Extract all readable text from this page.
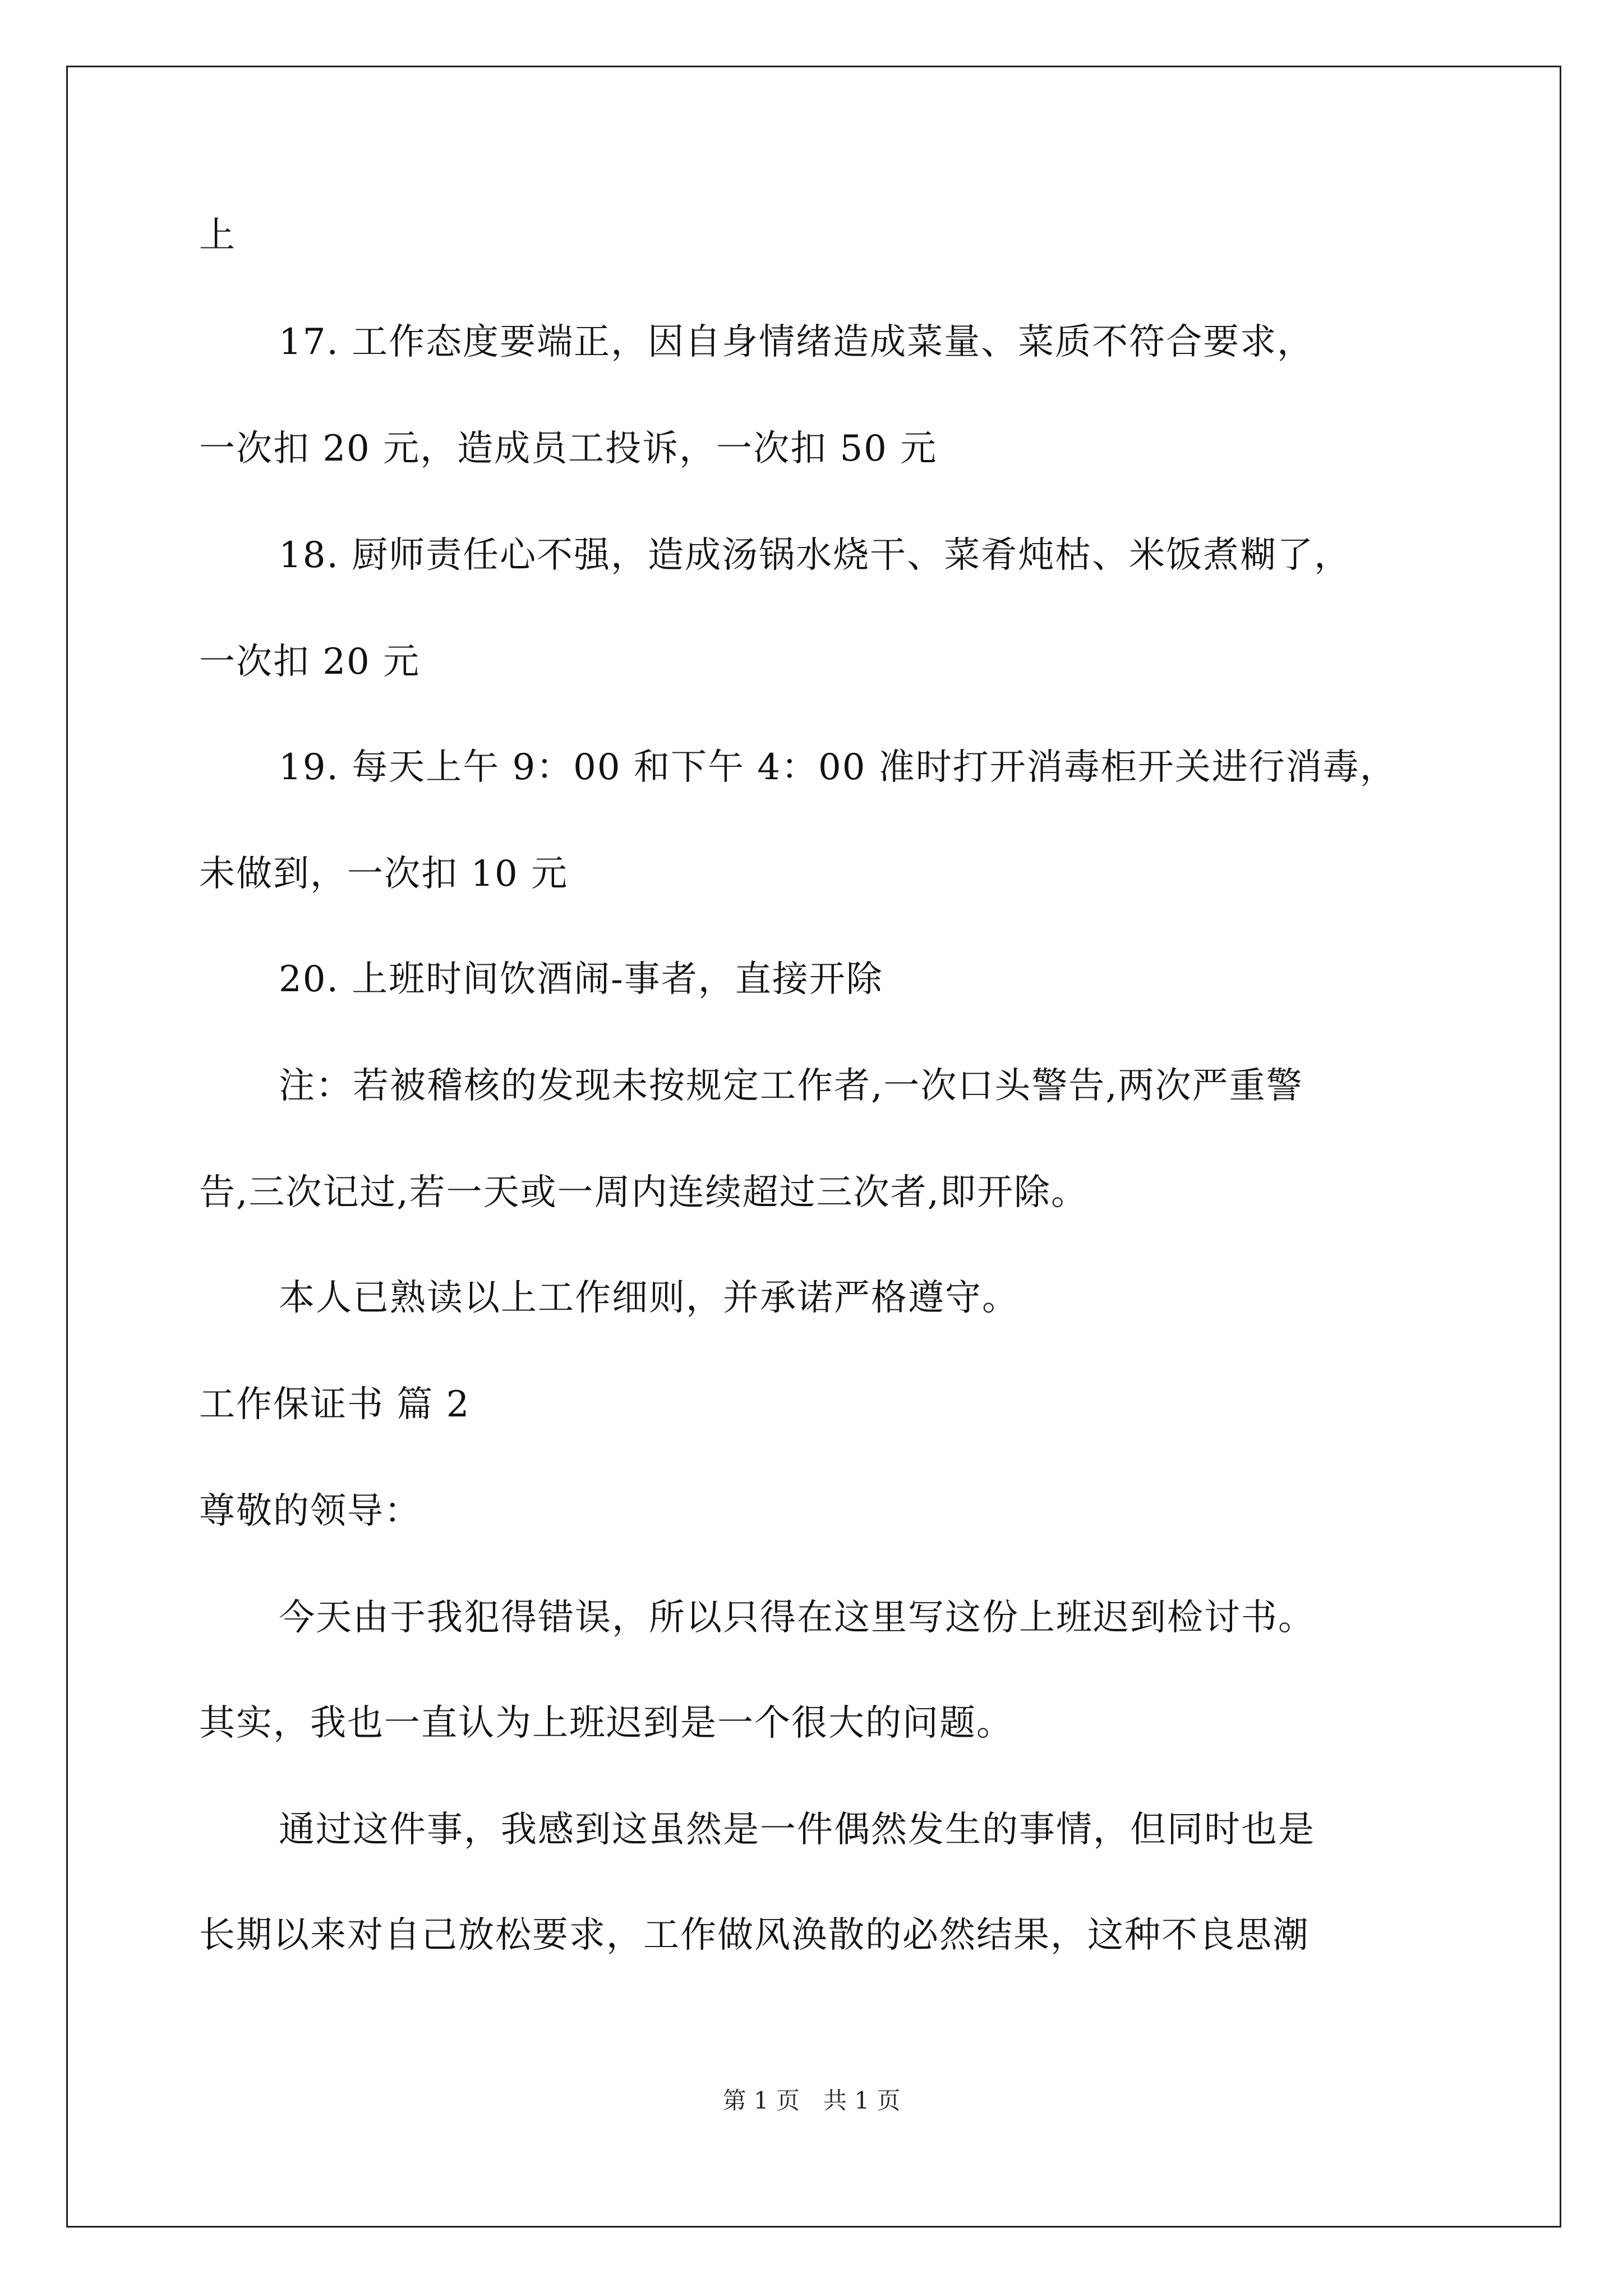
上
17. 工作态度要端正，因自身情绪造成菜量、菜质不符合要求，
一次扣 20 元，造成员工投诉，一次扣 50 元
18. 厨师责任心不强，造成汤锅水烧干、菜肴炖枯、米饭煮糊了，
一次扣 20 元
19. 每天上午 9：00 和下午 4：00 准时打开消毒柜开关进行消毒，
未做到，一次扣 10 元
20. 上班时间饮酒闹-事者，直接开除
注：若被稽核的发现未按规定工作者,一次口头警告,两次严重警
告,三次记过,若一天或一周内连续超过三次者,即开除。
本人已熟读以上工作细则，并承诺严格遵守。
工作保证书 篇 2
尊敬的领导：
今天由于我犯得错误，所以只得在这里写这份上班迟到检讨书。
其实，我也一直认为上班迟到是一个很大的问题。
通过这件事，我感到这虽然是一件偶然发生的事情，但同时也是
长期以来对自己放松要求，工作做风涣散的必然结果，这种不良思潮
第 1 页　共 1 页
